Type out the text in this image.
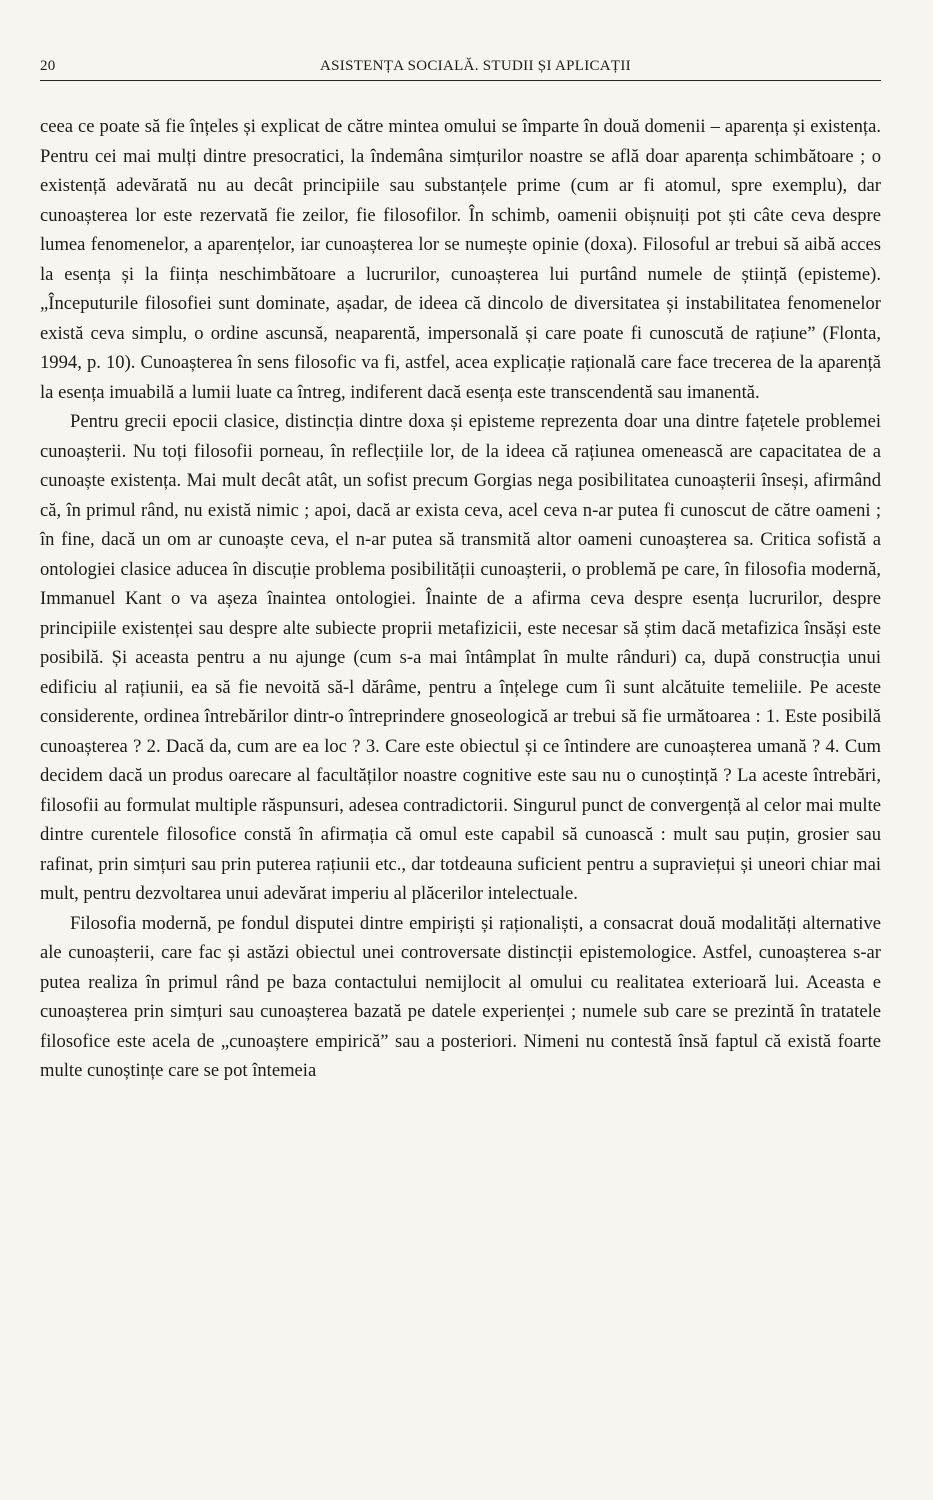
20	ASISTENȚA SOCIALĂ. STUDII ȘI APLICAȚII

ceea ce poate să fie înțeles și explicat de către mintea omului se împarte în două domenii – aparența și existența. Pentru cei mai mulți dintre presocratici, la îndemâna simțurilor noastre se află doar aparența schimbătoare ; o existență adevărată nu au decât principiile sau substanțele prime (cum ar fi atomul, spre exemplu), dar cunoașterea lor este rezervată fie zeilor, fie filosofilor. În schimb, oamenii obișnuiți pot ști câte ceva despre lumea fenomenelor, a aparențelor, iar cunoașterea lor se numește opinie (doxa). Filosoful ar trebui să aibă acces la esența și la ființa neschimbătoare a lucrurilor, cunoașterea lui purtând numele de știință (episteme). „Începuturile filosofiei sunt dominate, așadar, de ideea că dincolo de diversitatea și instabilitatea fenomenelor există ceva simplu, o ordine ascunsă, neaparentă, impersonală și care poate fi cunoscută de rațiune” (Flonta, 1994, p. 10). Cunoașterea în sens filosofic va fi, astfel, acea explicație rațională care face trecerea de la aparență la esența imuabilă a lumii luate ca întreg, indiferent dacă esența este transcendentă sau imanentă.

Pentru grecii epocii clasice, distincția dintre doxa și episteme reprezenta doar una dintre fațetele problemei cunoașterii. Nu toți filosofii porneau, în reflecțiile lor, de la ideea că rațiunea omenească are capacitatea de a cunoaște existența. Mai mult decât atât, un sofist precum Gorgias nega posibilitatea cunoașterii înseși, afirmând că, în primul rând, nu există nimic ; apoi, dacă ar exista ceva, acel ceva n-ar putea fi cunoscut de către oameni ; în fine, dacă un om ar cunoaște ceva, el n-ar putea să transmită altor oameni cunoașterea sa. Critica sofistă a ontologiei clasice aducea în discuție problema posibilității cunoașterii, o problemă pe care, în filosofia modernă, Immanuel Kant o va așeza înaintea ontologiei. Înainte de a afirma ceva despre esența lucrurilor, despre principiile existenței sau despre alte subiecte proprii metafizicii, este necesar să știm dacă metafizica însăși este posibilă. Și aceasta pentru a nu ajunge (cum s-a mai întâmplat în multe rânduri) ca, după construcția unui edificiu al rațiunii, ea să fie nevoită să-l dărâme, pentru a înțelege cum îi sunt alcătuite temeliile. Pe aceste considerente, ordinea întrebărilor dintr-o întreprindere gnoseologică ar trebui să fie următoarea : 1. Este posibilă cunoașterea ? 2. Dacă da, cum are ea loc ? 3. Care este obiectul și ce întindere are cunoașterea umană ? 4. Cum decidem dacă un produs oarecare al facultăților noastre cognitive este sau nu o cunoștință ? La aceste întrebări, filosofii au formulat multiple răspunsuri, adesea contradictorii. Singurul punct de convergență al celor mai multe dintre curentele filosofice constă în afirmația că omul este capabil să cunoască : mult sau puțin, grosier sau rafinat, prin simțuri sau prin puterea rațiunii etc., dar totdeauna suficient pentru a supraviețui și uneori chiar mai mult, pentru dezvoltarea unui adevărat imperiu al plăcerilor intelectuale.

Filosofia modernă, pe fondul disputei dintre empiriști și raționaliști, a consacrat două modalități alternative ale cunoașterii, care fac și astăzi obiectul unei controversate distincții epistemologice. Astfel, cunoașterea s-ar putea realiza în primul rând pe baza contactului nemijlocit al omului cu realitatea exterioară lui. Aceasta e cunoașterea prin simțuri sau cunoașterea bazată pe datele experienței ; numele sub care se prezintă în tratatele filosofice este acela de „cunoaștere empirică” sau a posteriori. Nimeni nu contestă însă faptul că există foarte multe cunoștințe care se pot întemeia
